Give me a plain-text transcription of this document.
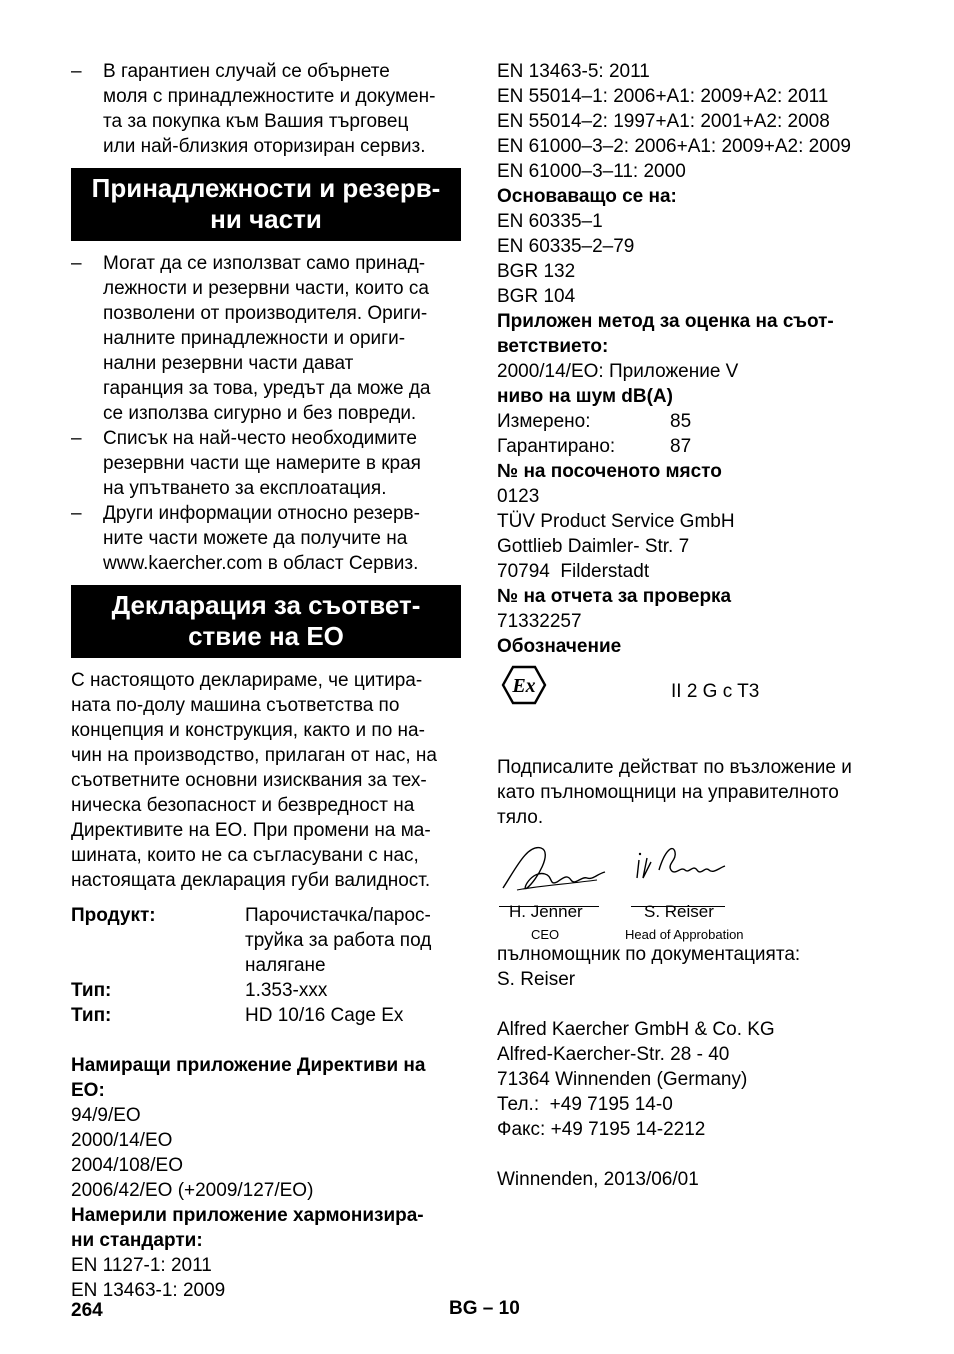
–	В гарантиен случай се обърнете
моля с принадлежностите и докумен-
та за покупка към Вашия търговец
или най-близкия оторизиран сервиз.
Принадлежности и резерв-
ни части
–	Могат да се използват само принад-
лежности и резервни части, които са
позволени от производителя. Ориги-
налните принадлежности и ориги-
нални резервни части дават
гаранция за това, уредът да може да
се използва сигурно и без повреди.
–	Списък на най-често необходимите
резервни части ще намерите в края
на упътването за експлоатация.
–	Други информации относно резерв-
ните части можете да получите на
www.kaercher.com в област Сервиз.
Декларация за съответ-
ствие на ЕО
С настоящото декларираме, че цитира-
ната по-долу машина съответства по
концепция и конструкция, както и по на-
чин на производство, прилаган от нас, на
съответните основни изисквания за тех-
ническа безопасност и безвредност на
Директивите на ЕО. При промени на ма-
шината, които не са съгласувани с нас,
настоящата декларация губи валидност.
Продукт:	Парочистачка/парос-
труйка за работа под
налягане
Тип:	1.353-xxx
Тип:	HD 10/16 Cage Ex
Намиращи приложение Директиви на
ЕО:
94/9/ЕО
2000/14/ЕО
2004/108/ЕО
2006/42/ЕО (+2009/127/ЕО)
Намерили приложение хармонизира-
ни стандарти:
EN 1127-1: 2011
EN 13463-1: 2009
EN 13463-5: 2011
EN 55014–1: 2006+A1: 2009+A2: 2011
EN 55014–2: 1997+A1: 2001+A2: 2008
EN 61000–3–2: 2006+A1: 2009+A2: 2009
EN 61000–3–11: 2000
Основаващо се на:
EN 60335–1
EN 60335–2–79
BGR 132
BGR 104
Приложен метод за оценка на съот-
ветствието:
2000/14/ЕО: Приложение V
ниво на шум dB(A)
Измерено:	85
Гарантирано:	87
№ на посоченото място
0123
TÜV Product Service GmbH
Gottlieb Daimler- Str. 7
70794  Filderstadt
№ на отчета за проверка
71332257
Обозначение
Ex	II 2 G c T3
Подписалите действат по възложение и
като пълномощници на управителното
тяло.
H. Jenner	S. Reiser
CEO	Head of Approbation
пълномощник по документацията:
S. Reiser
Alfred Kaercher GmbH & Co. KG
Alfred-Kaercher-Str. 28 - 40
71364 Winnenden (Germany)
Тел.:  +49 7195 14-0
Факс: +49 7195 14-2212
Winnenden, 2013/06/01
264	BG – 10
